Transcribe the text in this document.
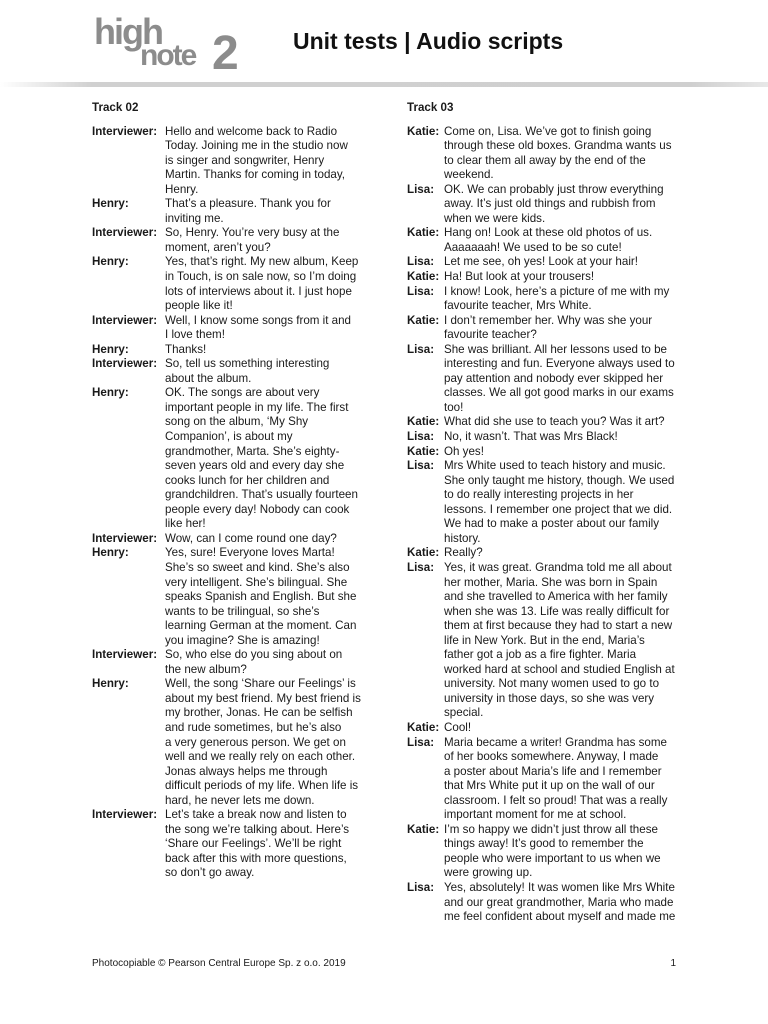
high
note 2 Unit tests | Audio scripts
Track 02
Interviewer: Hello and welcome back to Radio
Today. Joining me in the studio now
is singer and songwriter, Henry
Martin. Thanks for coming in today,
Henry.
Henry:	That’s a pleasure. Thank you for
inviting me.
Interviewer: So, Henry. You’re very busy at the
moment, aren’t you?
Henry:	Yes, that’s right. My new album, Keep
in Touch, is on sale now, so I’m doing
lots of interviews about it. I just hope
people like it!
Interviewer: Well, I know some songs from it and
I love them!
Henry:	Thanks!
Interviewer: So, tell us something interesting
about the album.
Henry:	OK. The songs are about very
important people in my life. The first
song on the album, ‘My Shy
Companion’, is about my
grandmother, Marta. She’s eighty-
seven years old and every day she
cooks lunch for her children and
grandchildren. That’s usually fourteen
people every day! Nobody can cook
like her!
Interviewer: Wow, can I come round one day?
Henry:	Yes, sure! Everyone loves Marta!
She’s so sweet and kind. She’s also
very intelligent. She’s bilingual. She
speaks Spanish and English. But she
wants to be trilingual, so she’s
learning German at the moment. Can
you imagine? She is amazing!
Interviewer: So, who else do you sing about on
the new album?
Henry:	Well, the song ‘Share our Feelings’ is
about my best friend. My best friend is
my brother, Jonas. He can be selfish
and rude sometimes, but he’s also
a very generous person. We get on
well and we really rely on each other.
Jonas always helps me through
difficult periods of my life. When life is
hard, he never lets me down.
Interviewer: Let’s take a break now and listen to
the song we’re talking about. Here’s
‘Share our Feelings’. We’ll be right
back after this with more questions,
so don’t go away.
Track 03
Katie: Come on, Lisa. We’ve got to finish going
through these old boxes. Grandma wants us
to clear them all away by the end of the
weekend.
Lisa: OK. We can probably just throw everything
away. It’s just old things and rubbish from
when we were kids.
Katie: Hang on! Look at these old photos of us.
Aaaaaaah! We used to be so cute!
Lisa: Let me see, oh yes! Look at your hair!
Katie: Ha! But look at your trousers!
Lisa: I know! Look, here’s a picture of me with my
favourite teacher, Mrs White.
Katie: I don’t remember her. Why was she your
favourite teacher?
Lisa: She was brilliant. All her lessons used to be
interesting and fun. Everyone always used to
pay attention and nobody ever skipped her
classes. We all got good marks in our exams
too!
Katie: What did she use to teach you? Was it art?
Lisa: No, it wasn’t. That was Mrs Black!
Katie: Oh yes!
Lisa: Mrs White used to teach history and music.
She only taught me history, though. We used
to do really interesting projects in her
lessons. I remember one project that we did.
We had to make a poster about our family
history.
Katie: Really?
Lisa: Yes, it was great. Grandma told me all about
her mother, Maria. She was born in Spain
and she travelled to America with her family
when she was 13. Life was really difficult for
them at first because they had to start a new
life in New York. But in the end, Maria’s
father got a job as a fire fighter. Maria
worked hard at school and studied English at
university. Not many women used to go to
university in those days, so she was very
special.
Katie: Cool!
Lisa: Maria became a writer! Grandma has some
of her books somewhere. Anyway, I made
a poster about Maria’s life and I remember
that Mrs White put it up on the wall of our
classroom. I felt so proud! That was a really
important moment for me at school.
Katie: I’m so happy we didn’t just throw all these
things away! It’s good to remember the
people who were important to us when we
were growing up.
Lisa: Yes, absolutely! It was women like Mrs White
and our great grandmother, Maria who made
me feel confident about myself and made me
Photocopiable © Pearson Central Europe Sp. z o.o. 2019	1
